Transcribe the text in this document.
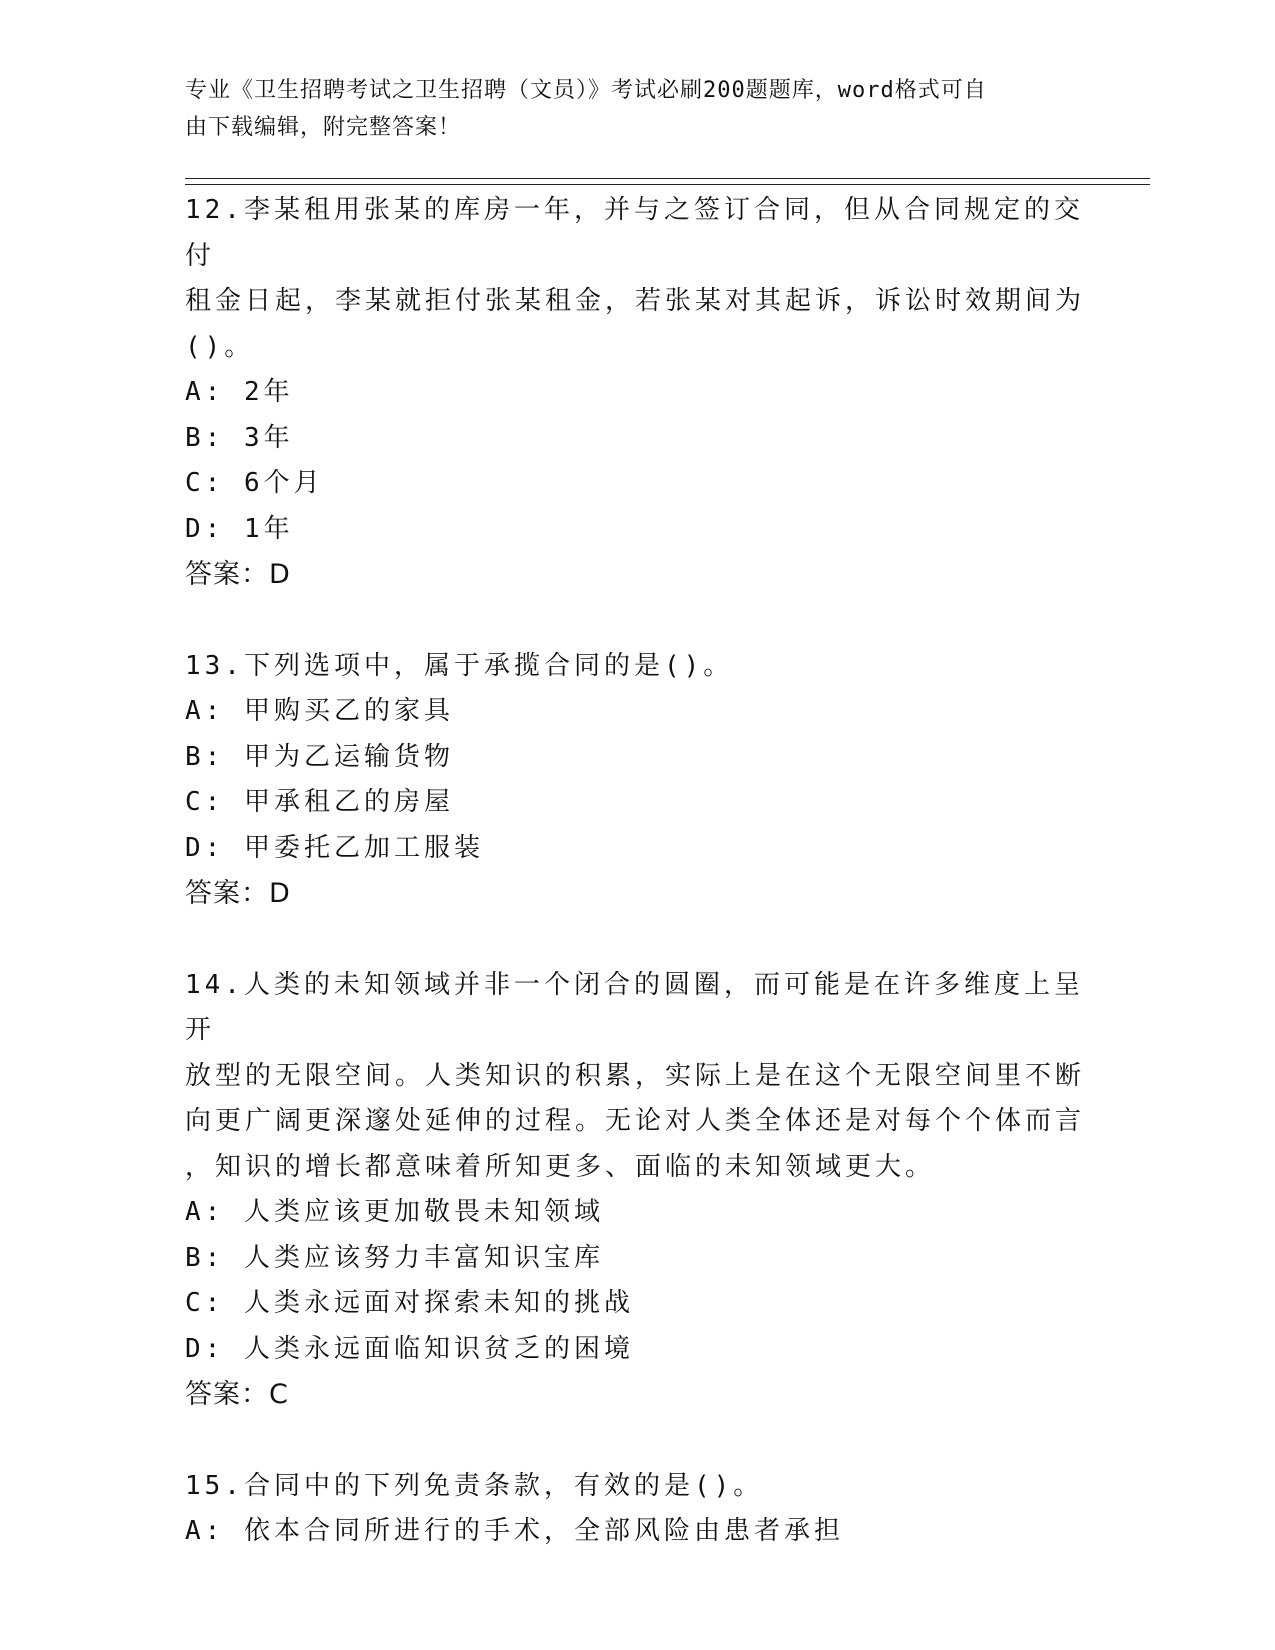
专业《卫生招聘考试之卫生招聘（文员）》考试必刷200题题库，word格式可自
由下载编辑，附完整答案！

12.李某租用张某的库房一年，并与之签订合同，但从合同规定的交付

租金日起，李某就拒付张某租金，若张某对其起诉，诉讼时效期间为

()。

A: 2年

B: 3年

C: 6个月

D: 1年

答案：D

13.下列选项中，属于承揽合同的是()。

A: 甲购买乙的家具

B: 甲为乙运输货物

C: 甲承租乙的房屋

D: 甲委托乙加工服装

答案：D

14.人类的未知领域并非一个闭合的圆圈，而可能是在许多维度上呈开

放型的无限空间。人类知识的积累，实际上是在这个无限空间里不断

向更广阔更深邃处延伸的过程。无论对人类全体还是对每个个体而言

，知识的增长都意味着所知更多、面临的未知领域更大。

A: 人类应该更加敬畏未知领域

B: 人类应该努力丰富知识宝库

C: 人类永远面对探索未知的挑战

D: 人类永远面临知识贫乏的困境

答案：C

15.合同中的下列免责条款，有效的是()。

A: 依本合同所进行的手术，全部风险由患者承担
